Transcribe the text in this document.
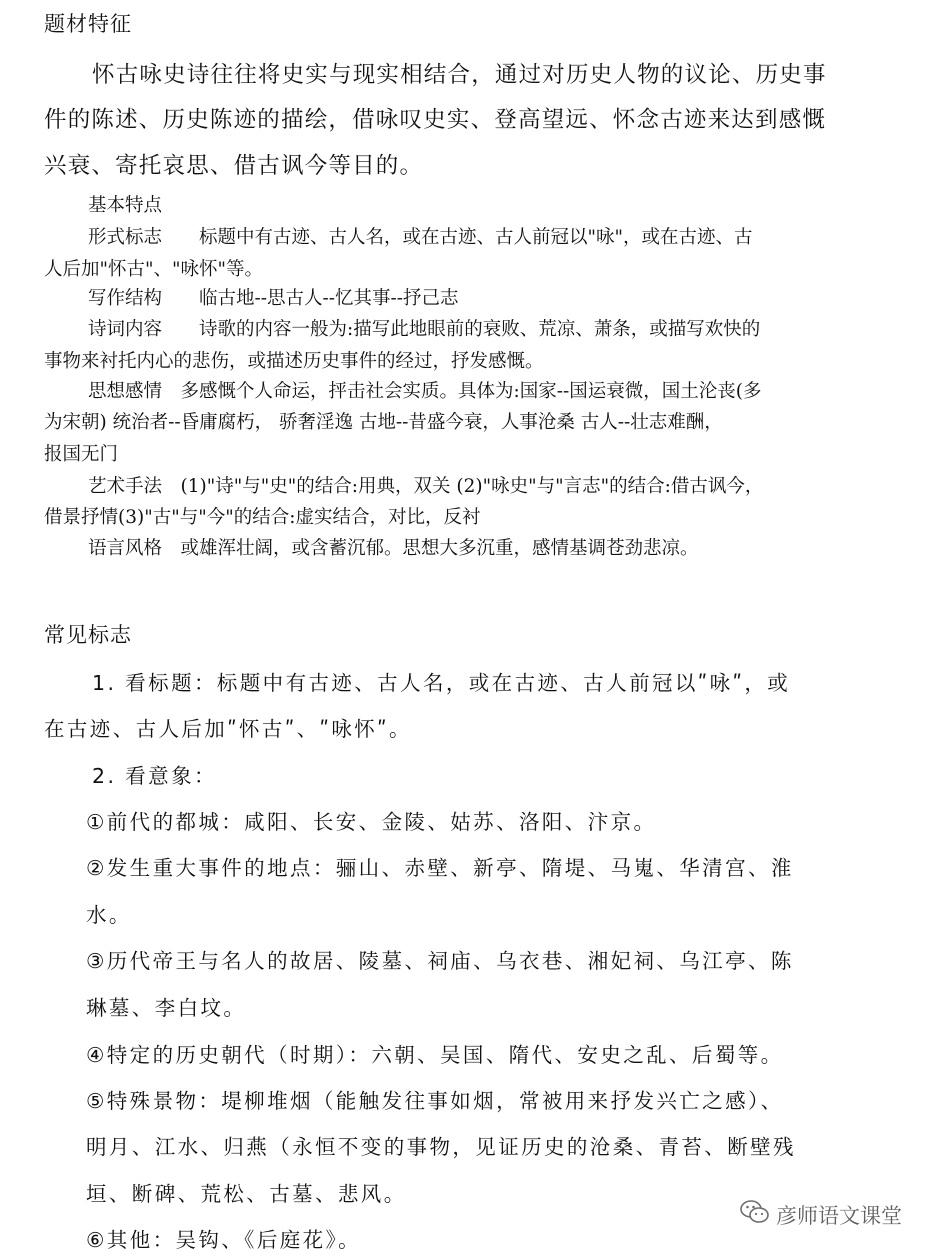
题材特征
怀古咏史诗往往将史实与现实相结合，通过对历史人物的议论、历史事
件的陈述、历史陈迹的描绘，借咏叹史实、登高望远、怀念古迹来达到感慨
兴衰、寄托哀思、借古讽今等目的。
基本特点
形式标志　　标题中有古迹、古人名，或在古迹、古人前冠以"咏"，或在古迹、古
人后加"怀古"、"咏怀"等。
写作结构　　临古地--思古人--忆其事--抒己志
诗词内容　　诗歌的内容一般为:描写此地眼前的衰败、荒凉、萧条，或描写欢快的
事物来衬托内心的悲伤，或描述历史事件的经过，抒发感慨。
思想感情　多感慨个人命运，抨击社会实质。具体为:国家--国运衰微，国土沦丧(多
为宋朝) 统治者--昏庸腐朽， 骄奢淫逸 古地--昔盛今衰，人事沧桑 古人--壮志难酬，
报国无门
艺术手法　(1)"诗"与"史"的结合:用典，双关 (2)"咏史"与"言志"的结合:借古讽今，
借景抒情(3)"古"与"今"的结合:虚实结合，对比，反衬
语言风格　或雄浑壮阔，或含蓄沉郁。思想大多沉重，感情基调苍劲悲凉。
常见标志
1. 看标题：标题中有古迹、古人名，或在古迹、古人前冠以ʺ咏ʺ，或
在古迹、古人后加ʺ怀古ʺ、ʺ咏怀ʺ。
2. 看意象：
①前代的都城：咸阳、长安、金陵、姑苏、洛阳、汴京。
②发生重大事件的地点：骊山、赤壁、新亭、隋堤、马嵬、华清宫、淮
水。
③历代帝王与名人的故居、陵墓、祠庙、乌衣巷、湘妃祠、乌江亭、陈
琳墓、李白坟。
④特定的历史朝代（时期）：六朝、吴国、隋代、安史之乱、后蜀等。
⑤特殊景物：堤柳堆烟（能触发往事如烟，常被用来抒发兴亡之感）、
明月、江水、归燕（永恒不变的事物，见证历史的沧桑、青苔、断壁残
垣、断碑、荒松、古墓、悲风。
⑥其他：吴钩、《后庭花》。
彦师语文课堂
